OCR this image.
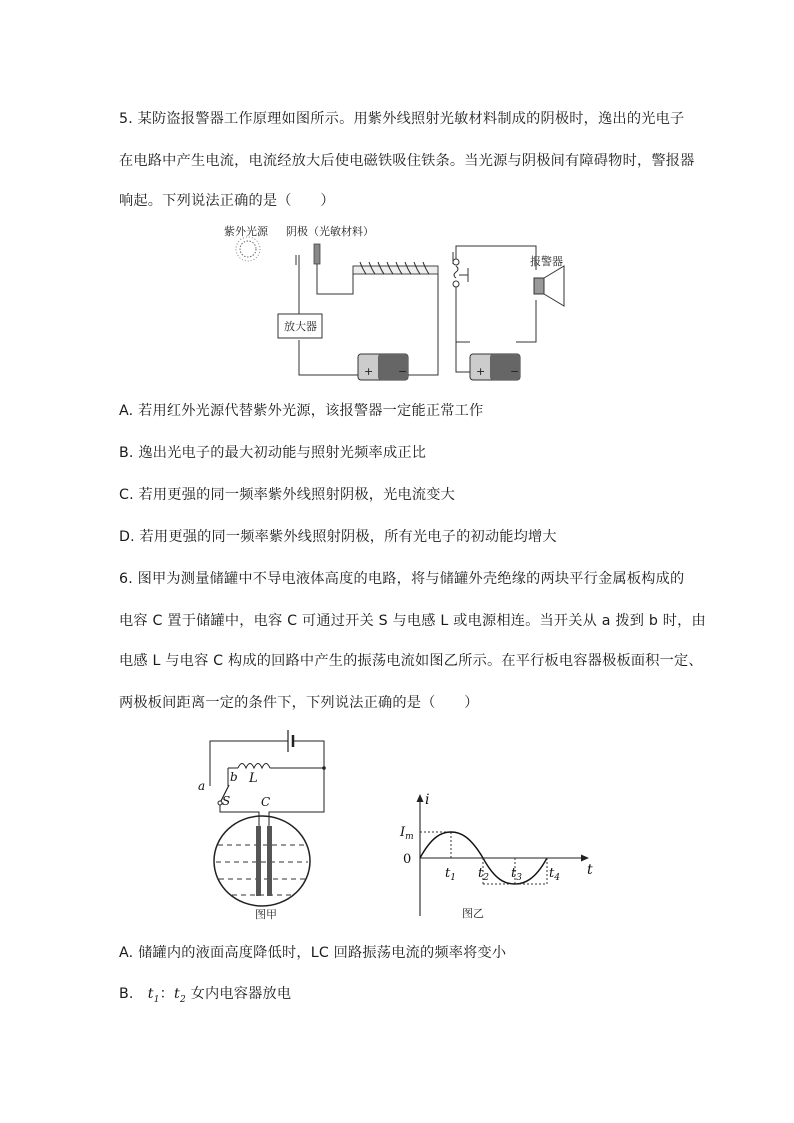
5. 某防盗报警器工作原理如图所示。用紫外线照射光敏材料制成的阴极时，逸出的光电子
在电路中产生电流，电流经放大后使电磁铁吸住铁条。当光源与阴极间有障碍物时，警报器
响起。下列说法正确的是（　　）
紫外光源 阴极（光敏材料）
放大器
+ −
报警器
+ −
A. 若用红外光源代替紫外光源，该报警器一定能正常工作
B. 逸出光电子的最大初动能与照射光频率成正比
C. 若用更强的同一频率紫外线照射阴极，光电流变大
D. 若用更强的同一频率紫外线照射阴极，所有光电子的初动能均增大
6. 图甲为测量储罐中不导电液体高度的电路，将与储罐外壳绝缘的两块平行金属板构成的
电容 C 置于储罐中，电容 C 可通过开关 S 与电感 L 或电源相连。当开关从 a 拨到 b 时，由
电感 L 与电容 C 构成的回路中产生的振荡电流如图乙所示。在平行板电容器极板面积一定、
两极板间距离一定的条件下，下列说法正确的是（　　）
L
a
b
S	C
图甲
i
t
$I_m$
0
$t_1$ $t_2$ $t_3$ $t_4$
图乙
A. 储罐内的液面高度降低时，LC 回路振荡电流的频率将变小
B. $t_1$：$t_2$ 女内电容器放电
